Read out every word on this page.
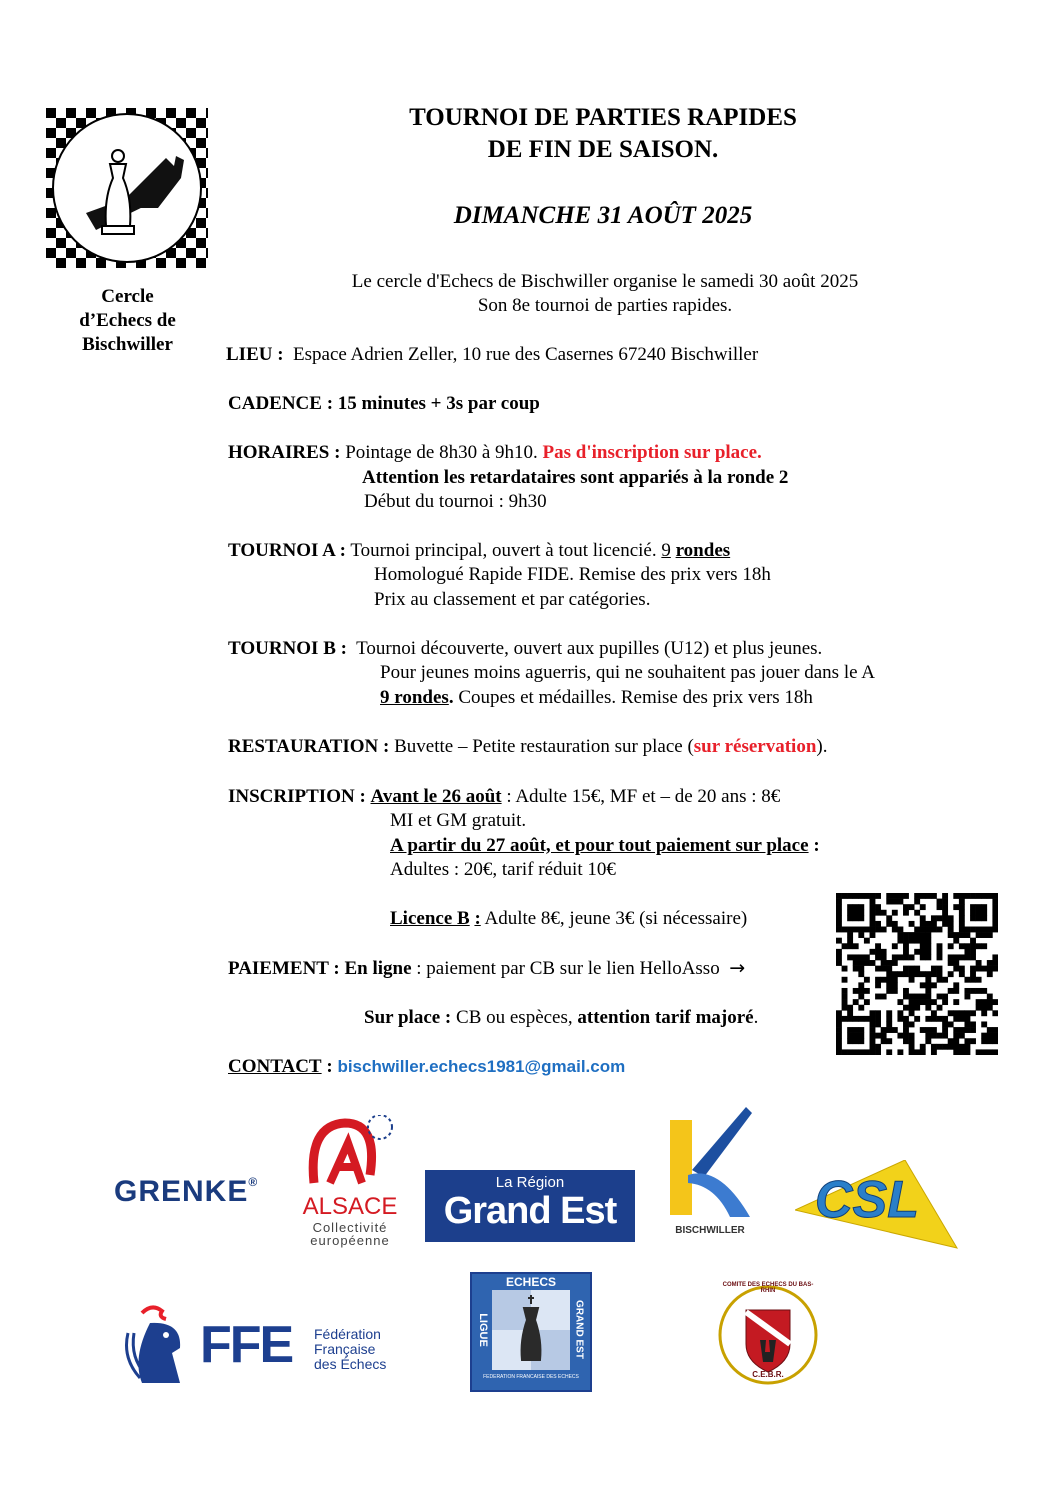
Cercle
d’Echecs de
Bischwiller
TOURNOI DE PARTIES RAPIDES
DE FIN DE SAISON.
DIMANCHE 31 AOÛT 2025
Le cercle d'Echecs de Bischwiller organise le samedi 30 août 2025
Son 8e tournoi de parties rapides.
LIEU : Espace Adrien Zeller, 10 rue des Casernes 67240 Bischwiller
CADENCE : 15 minutes + 3s par coup
HORAIRES : Pointage de 8h30 à 9h10. Pas d'inscription sur place.
Attention les retardataires sont appariés à la ronde 2
Début du tournoi : 9h30
TOURNOI A : Tournoi principal, ouvert à tout licencié. 9 rondes
Homologué Rapide FIDE. Remise des prix vers 18h
Prix au classement et par catégories.
TOURNOI B : Tournoi découverte, ouvert aux pupilles (U12) et plus jeunes.
Pour jeunes moins aguerris, qui ne souhaitent pas jouer dans le A
9 rondes. Coupes et médailles. Remise des prix vers 18h
RESTAURATION : Buvette – Petite restauration sur place (sur réservation).
INSCRIPTION : Avant le 26 août : Adulte 15€, MF et – de 20 ans : 8€
MI et GM gratuit.
A partir du 27 août, et pour tout paiement sur place :
Adultes : 20€, tarif réduit 10€
Licence B : Adulte 8€, jeune 3€ (si nécessaire)
PAIEMENT : En ligne : paiement par CB sur le lien HelloAsso →
Sur place : CB ou espèces, attention tarif majoré.
CONTACT : bischwiller.echecs1981@gmail.com
GRENKE®
ALSACE
Collectivité
européenne
La Région
Grand Est	BISCHWILLER
CSL
FFE Fédération
Française
des Échecs
ECHECS
LIGUE	GRAND EST
FEDERATION FRANCAISE DES ECHECS
COMITE DES ECHECS DU BAS-RHIN
C.E.B.R.
